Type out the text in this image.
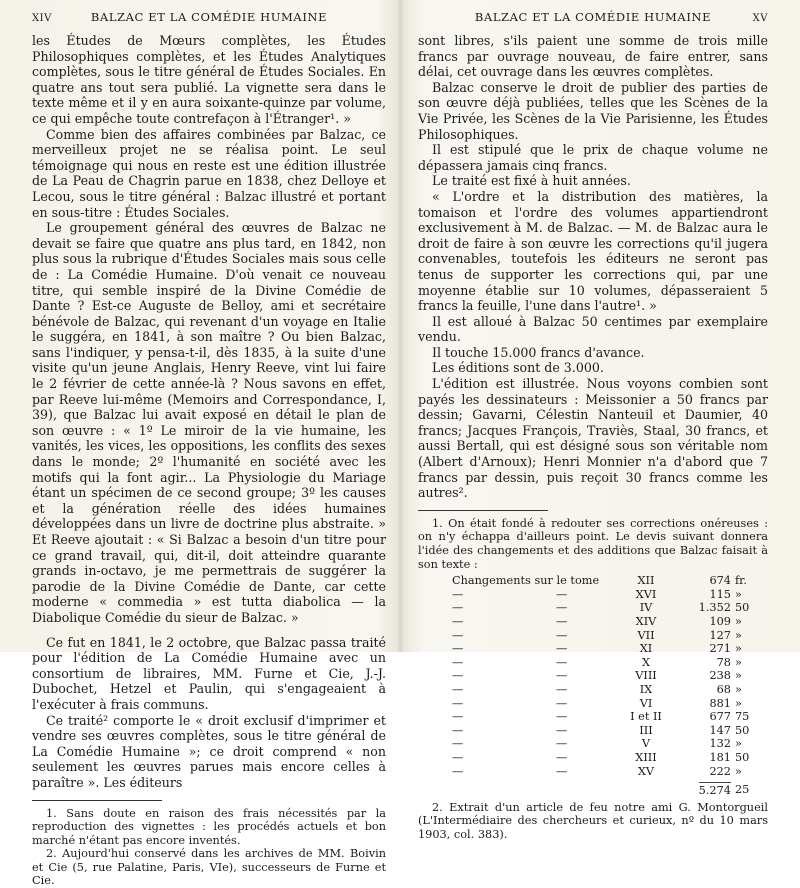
XIV	BALZAC ET LA COMÉDIE HUMAINE

les Études de Mœurs complètes, les Études Philosophiques complètes, et les Études Analytiques complètes, sous le titre général de Études Sociales. En quatre ans tout sera publié. La vignette sera dans le texte même et il y en aura soixante-quinze par volume, ce qui empêche toute contrefaçon à l'Étranger¹. »

Comme bien des affaires combinées par Balzac, ce merveilleux projet ne se réalisa point. Le seul témoignage qui nous en reste est une édition illustrée de La Peau de Chagrin parue en 1838, chez Delloye et Lecou, sous le titre général : Balzac illustré et portant en sous-titre : Études Sociales.

Le groupement général des œuvres de Balzac ne devait se faire que quatre ans plus tard, en 1842, non plus sous la rubrique d'Études Sociales mais sous celle de : La Comédie Humaine. D'où venait ce nouveau titre, qui semble inspiré de la Divine Comédie de Dante ? Est-ce Auguste de Belloy, ami et secrétaire bénévole de Balzac, qui revenant d'un voyage en Italie le suggéra, en 1841, à son maître ? Ou bien Balzac, sans l'indiquer, y pensa-t-il, dès 1835, à la suite d'une visite qu'un jeune Anglais, Henry Reeve, vint lui faire le 2 février de cette année-là ? Nous savons en effet, par Reeve lui-même (Memoirs and Correspondance, I, 39), que Balzac lui avait exposé en détail le plan de son œuvre : « 1º Le miroir de la vie humaine, les vanités, les vices, les oppositions, les conflits des sexes dans le monde; 2º l'humanité en société avec les motifs qui la font agir... La Physiologie du Mariage étant un spécimen de ce second groupe; 3º les causes et la génération réelle des idées humaines développées dans un livre de doctrine plus abstraite. » Et Reeve ajoutait : « Si Balzac a besoin d'un titre pour ce grand travail, qui, dit-il, doit atteindre quarante grands in-octavo, je me permettrais de suggérer la parodie de la Divine Comédie de Dante, car cette moderne « commedia » est tutta diabolica — la Diabolique Comédie du sieur de Balzac. »

Ce fut en 1841, le 2 octobre, que Balzac passa traité pour l'édition de La Comédie Humaine avec un consortium de libraires, MM. Furne et Cie, J.-J. Dubochet, Hetzel et Paulin, qui s'engageaient à l'exécuter à frais communs.

Ce traité² comporte le « droit exclusif d'imprimer et vendre ses œuvres complètes, sous le titre général de La Comédie Humaine »; ce droit comprend « non seulement les œuvres parues mais encore celles à paraître ». Les éditeurs

1. Sans doute en raison des frais nécessités par la reproduction des vignettes : les procédés actuels et bon marché n'étant pas encore inventés.

2. Aujourd'hui conservé dans les archives de MM. Boivin et Cie (5, rue Palatine, Paris, VIe), successeurs de Furne et Cie.

BALZAC ET LA COMÉDIE HUMAINE	XV

sont libres, s'ils paient une somme de trois mille francs par ouvrage nouveau, de faire entrer, sans délai, cet ouvrage dans les œuvres complètes.

Balzac conserve le droit de publier des parties de son œuvre déjà publiées, telles que les Scènes de la Vie Privée, les Scènes de la Vie Parisienne, les Études Philosophiques.

Il est stipulé que le prix de chaque volume ne dépassera jamais cinq francs.

Le traité est fixé à huit années.

« L'ordre et la distribution des matières, la tomaison et l'ordre des volumes appartiendront exclusivement à M. de Balzac. — M. de Balzac aura le droit de faire à son œuvre les corrections qu'il jugera convenables, toutefois les éditeurs ne seront pas tenus de supporter les corrections qui, par une moyenne établie sur 10 volumes, dépasseraient 5 francs la feuille, l'une dans l'autre¹. »

Il est alloué à Balzac 50 centimes par exemplaire vendu.

Il touche 15.000 francs d'avance.

Les éditions sont de 3.000.

L'édition est illustrée. Nous voyons combien sont payés les dessinateurs : Meissonier a 50 francs par dessin; Gavarni, Célestin Nanteuil et Daumier, 40 francs; Jacques François, Traviès, Staal, 30 francs, et aussi Bertall, qui est désigné sous son véritable nom (Albert d'Arnoux); Henri Monnier n'a d'abord que 7 francs par dessin, puis reçoit 30 francs comme les autres².

1. On était fondé à redouter ses corrections onéreuses : on n'y échappa d'ailleurs point. Le devis suivant donnera l'idée des changements et des additions que Balzac faisait à son texte :

Changements sur le tome		XII	674	fr.
—	—	XVI	115	»
—	—	IV	1.352	50
—	—	XIV	109	»
—	—	VII	127	»
—	—	XI	271	»
—	—	X	78	»
—	—	VIII	238	»
—	—	IX	68	»
—	—	VI	881	»
—	—	I et II	677	75
—	—	III	147	50
—	—	V	132	»
—	—	XIII	181	50
—	—	XV	222	»
			5.274	25

2. Extrait d'un article de feu notre ami G. Montorgueil (L'Intermédiaire des chercheurs et curieux, nº du 10 mars 1903, col. 383).
